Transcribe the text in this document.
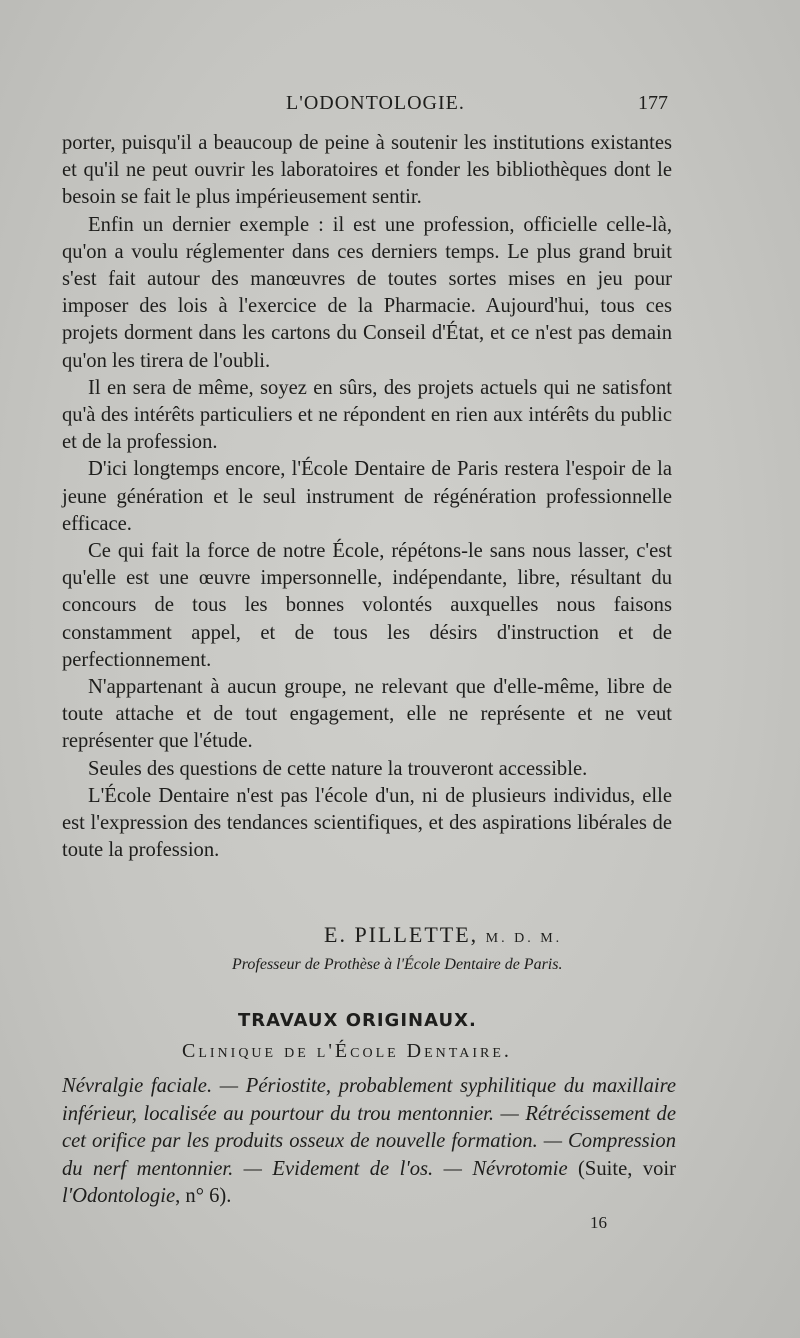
L'ODONTOLOGIE.	177

porter, puisqu'il a beaucoup de peine à soutenir les institutions existantes et qu'il ne peut ouvrir les laboratoires et fonder les bibliothèques dont le besoin se fait le plus impérieusement sentir.

Enfin un dernier exemple : il est une profession, officielle celle-là, qu'on a voulu réglementer dans ces derniers temps. Le plus grand bruit s'est fait autour des manœuvres de toutes sortes mises en jeu pour imposer des lois à l'exercice de la Pharmacie. Aujourd'hui, tous ces projets dorment dans les cartons du Conseil d'État, et ce n'est pas demain qu'on les tirera de l'oubli.

Il en sera de même, soyez en sûrs, des projets actuels qui ne satisfont qu'à des intérêts particuliers et ne répondent en rien aux intérêts du public et de la profession.

D'ici longtemps encore, l'École Dentaire de Paris restera l'espoir de la jeune génération et le seul instrument de régénération professionnelle efficace.

Ce qui fait la force de notre École, répétons-le sans nous lasser, c'est qu'elle est une œuvre impersonnelle, indépendante, libre, résultant du concours de tous les bonnes volontés auxquelles nous faisons constamment appel, et de tous les désirs d'instruction et de perfectionnement.

N'appartenant à aucun groupe, ne relevant que d'elle-même, libre de toute attache et de tout engagement, elle ne représente et ne veut représenter que l'étude.

Seules des questions de cette nature la trouveront accessible.

L'École Dentaire n'est pas l'école d'un, ni de plusieurs individus, elle est l'expression des tendances scientifiques, et des aspirations libérales de toute la profession.

E. PILLETTE, M. D. M.
Professeur de Prothèse à l'École Dentaire de Paris.
TRAVAUX ORIGINAUX.
Clinique de l'École Dentaire.
Névralgie faciale. — Périostite, probablement syphilitique du maxillaire inférieur, localisée au pourtour du trou mentonnier. — Rétrécissement de cet orifice par les produits osseux de nouvelle formation. — Compression du nerf mentonnier. — Evidement de l'os. — Névrotomie (Suite, voir l'Odontologie, n° 6).
16
